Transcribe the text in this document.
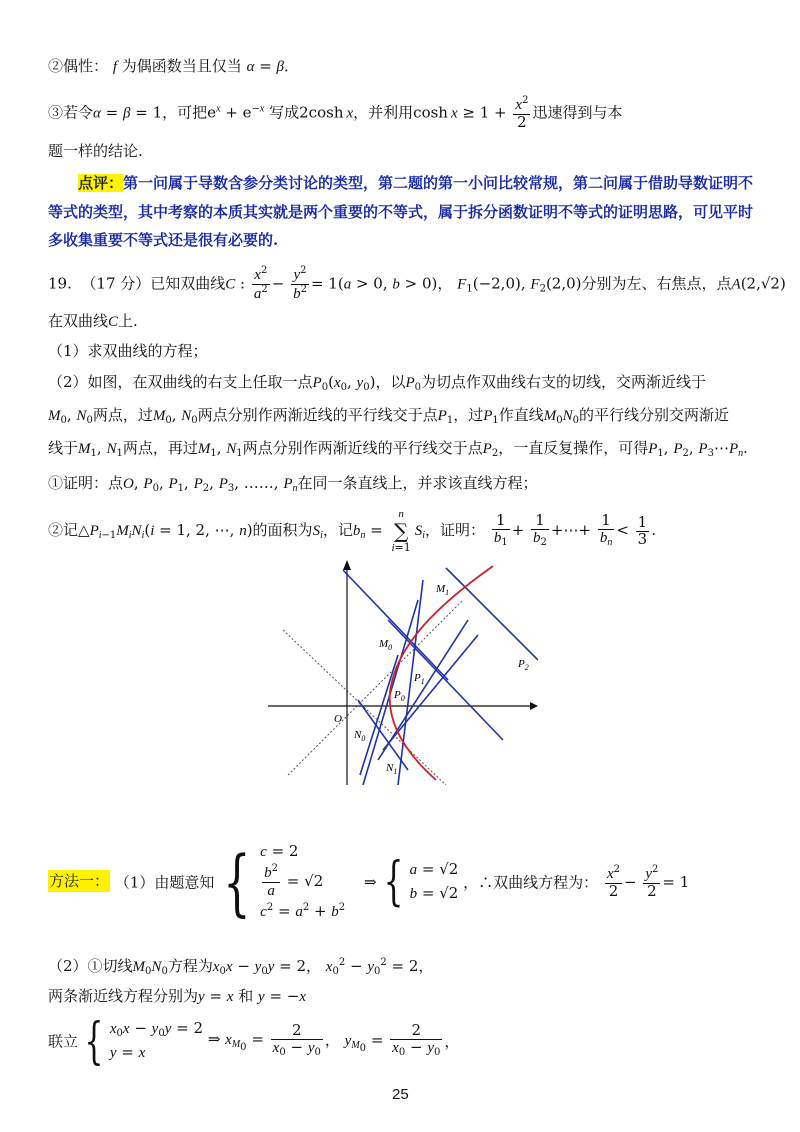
②偶性： f 为偶函数当且仅当 α = β．
③若令α = β = 1，可把$e^x + e^{-x}$ 写成2cosh x，并利用$\cosh x \ge 1 + \frac{x^2}{2}$ 迅速得到与本
题一样的结论.
点评：第一问属于导数含参分类讨论的类型，第二题的第一小问比较常规，第二问属于借助导数证明不
等式的类型，其中考察的本质其实就是两个重要的不等式，属于拆分函数证明不等式的证明思路，可见平时
多收集重要不等式还是很有必要的.
19. （17 分）已知双曲线C : $\frac{x^2}{a^2} - \frac{y^2}{b^2} = 1(a > 0$, b > 0)， $F_1(-2,0)$, $F_2(2,0)$分别为左、右焦点，点A(2,√2)
在双曲线C上.
（1）求双曲线的方程；
（2）如图，在双曲线的右支上任取一点$P_0(x_0$, $y_0$)，以$P_0$为切点作双曲线右支的切线，交两渐近线于
$M_0$, $N_0$两点，过$M_0$, $N_0$两点分别作两渐近线的平行线交于点$P_1$，过$P_1$作直线$M_0N_0$的平行线分别交两渐近
线于$M_1$, $N_1$两点，再过$M_1$, $N_1$两点分别作两渐近线的平行线交于点$P_2$，一直反复操作，可得$P_1$, $P_2$, $P_3\cdots P_n$.
①证明：点O, $P_0$, $P_1$, $P_2$, $P_3$, ……, $P_n$在同一条直线上，并求该直线方程；
②记$\triangle P_{i-1}M_iN_i(i = 1$, 2, ⋯, n)的面积为$S_i$，记$b_n$ =
n
∑
i=1
$S_i$，证明： $\frac{1}{b_1} + \frac{1}{b_2}$ +⋯+ $\frac{1}{b_n} < \frac{1}{3}$ .
$M_1$
$M_0$
$P_1$
$P_2$
$P_0$
O
$N_0$
$N_1$
方法一： （1）由题意知 { c = 2
$\frac{b^2}{a} = √2$
$c^2 = a^2 + b^2$
⇒ { a = √2
b = √2
，∴双曲线方程为： $\frac{x^2}{2} - \frac{y^2}{2} = 1$
（2）①切线$M_0N_0$方程为$x_0x - y_0y = 2$， $x_0^2 - y_0^2 = 2$，
两条渐近线方程分别为y = x 和 y = −x
联立 { $x_0x - y_0y = 2$
y = x
⇒ $x_{M_0} = \frac{2}{x_0 - y_0}$ ， $y_{M_0} = \frac{2}{x_0 - y_0}$ ，
25
